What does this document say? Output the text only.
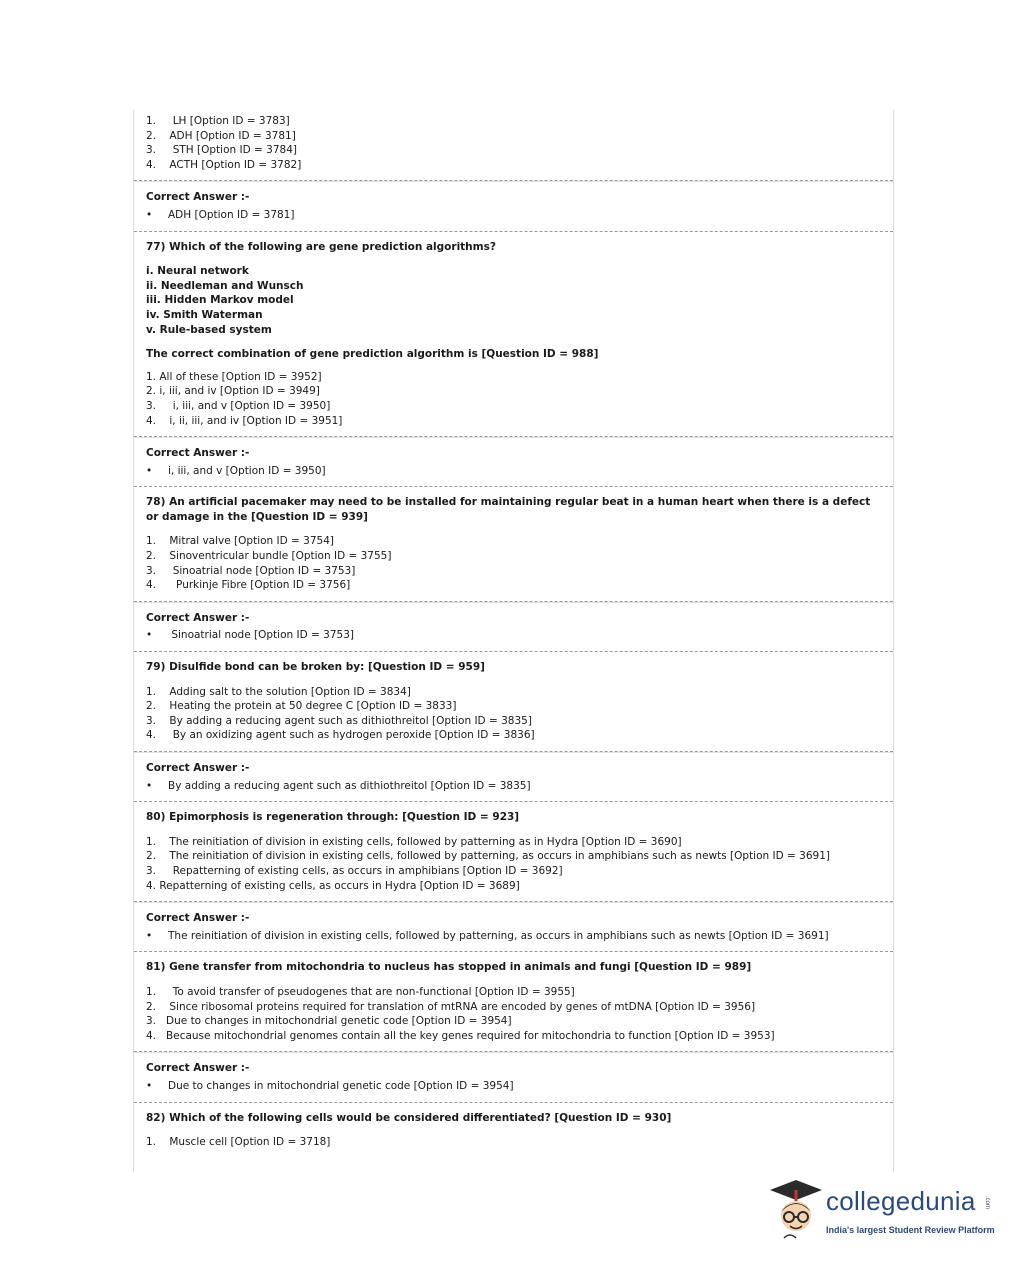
1.     LH [Option ID = 3783]
2.    ADH [Option ID = 3781]
3.     STH [Option ID = 3784]
4.    ACTH [Option ID = 3782]
Correct Answer :-
• ADH [Option ID = 3781]
77) Which of the following are gene prediction algorithms?
i. Neural network
ii. Needleman and Wunsch
iii. Hidden Markov model
iv. Smith Waterman
v. Rule-based system
The correct combination of gene prediction algorithm is [Question ID = 988]
1. All of these [Option ID = 3952]
2. i, iii, and iv [Option ID = 3949]
3.     i, iii, and v [Option ID = 3950]
4.    i, ii, iii, and iv [Option ID = 3951]
Correct Answer :-
• i, iii, and v [Option ID = 3950]
78) An artificial pacemaker may need to be installed for maintaining regular beat in a human heart when there is a defect or damage in the [Question ID = 939]
1.    Mitral valve [Option ID = 3754]
2.    Sinoventricular bundle [Option ID = 3755]
3.     Sinoatrial node [Option ID = 3753]
4.      Purkinje Fibre [Option ID = 3756]
Correct Answer :-
• Sinoatrial node [Option ID = 3753]
79) Disulfide bond can be broken by: [Question ID = 959]
1.    Adding salt to the solution [Option ID = 3834]
2.    Heating the protein at 50 degree C [Option ID = 3833]
3.    By adding a reducing agent such as dithiothreitol [Option ID = 3835]
4.     By an oxidizing agent such as hydrogen peroxide [Option ID = 3836]
Correct Answer :-
• By adding a reducing agent such as dithiothreitol [Option ID = 3835]
80) Epimorphosis is regeneration through: [Question ID = 923]
1.    The reinitiation of division in existing cells, followed by patterning as in Hydra [Option ID = 3690]
2.    The reinitiation of division in existing cells, followed by patterning, as occurs in amphibians such as newts [Option ID = 3691]
3.     Repatterning of existing cells, as occurs in amphibians [Option ID = 3692]
4. Repatterning of existing cells, as occurs in Hydra [Option ID = 3689]
Correct Answer :-
• The reinitiation of division in existing cells, followed by patterning, as occurs in amphibians such as newts [Option ID = 3691]
81) Gene transfer from mitochondria to nucleus has stopped in animals and fungi [Question ID = 989]
1.     To avoid transfer of pseudogenes that are non-functional [Option ID = 3955]
2.    Since ribosomal proteins required for translation of mtRNA are encoded by genes of mtDNA [Option ID = 3956]
3.   Due to changes in mitochondrial genetic code [Option ID = 3954]
4.   Because mitochondrial genomes contain all the key genes required for mitochondria to function [Option ID = 3953]
Correct Answer :-
• Due to changes in mitochondrial genetic code [Option ID = 3954]
82) Which of the following cells would be considered differentiated? [Question ID = 930]
1.    Muscle cell [Option ID = 3718]
collegedunia .com
India's largest Student Review Platform
